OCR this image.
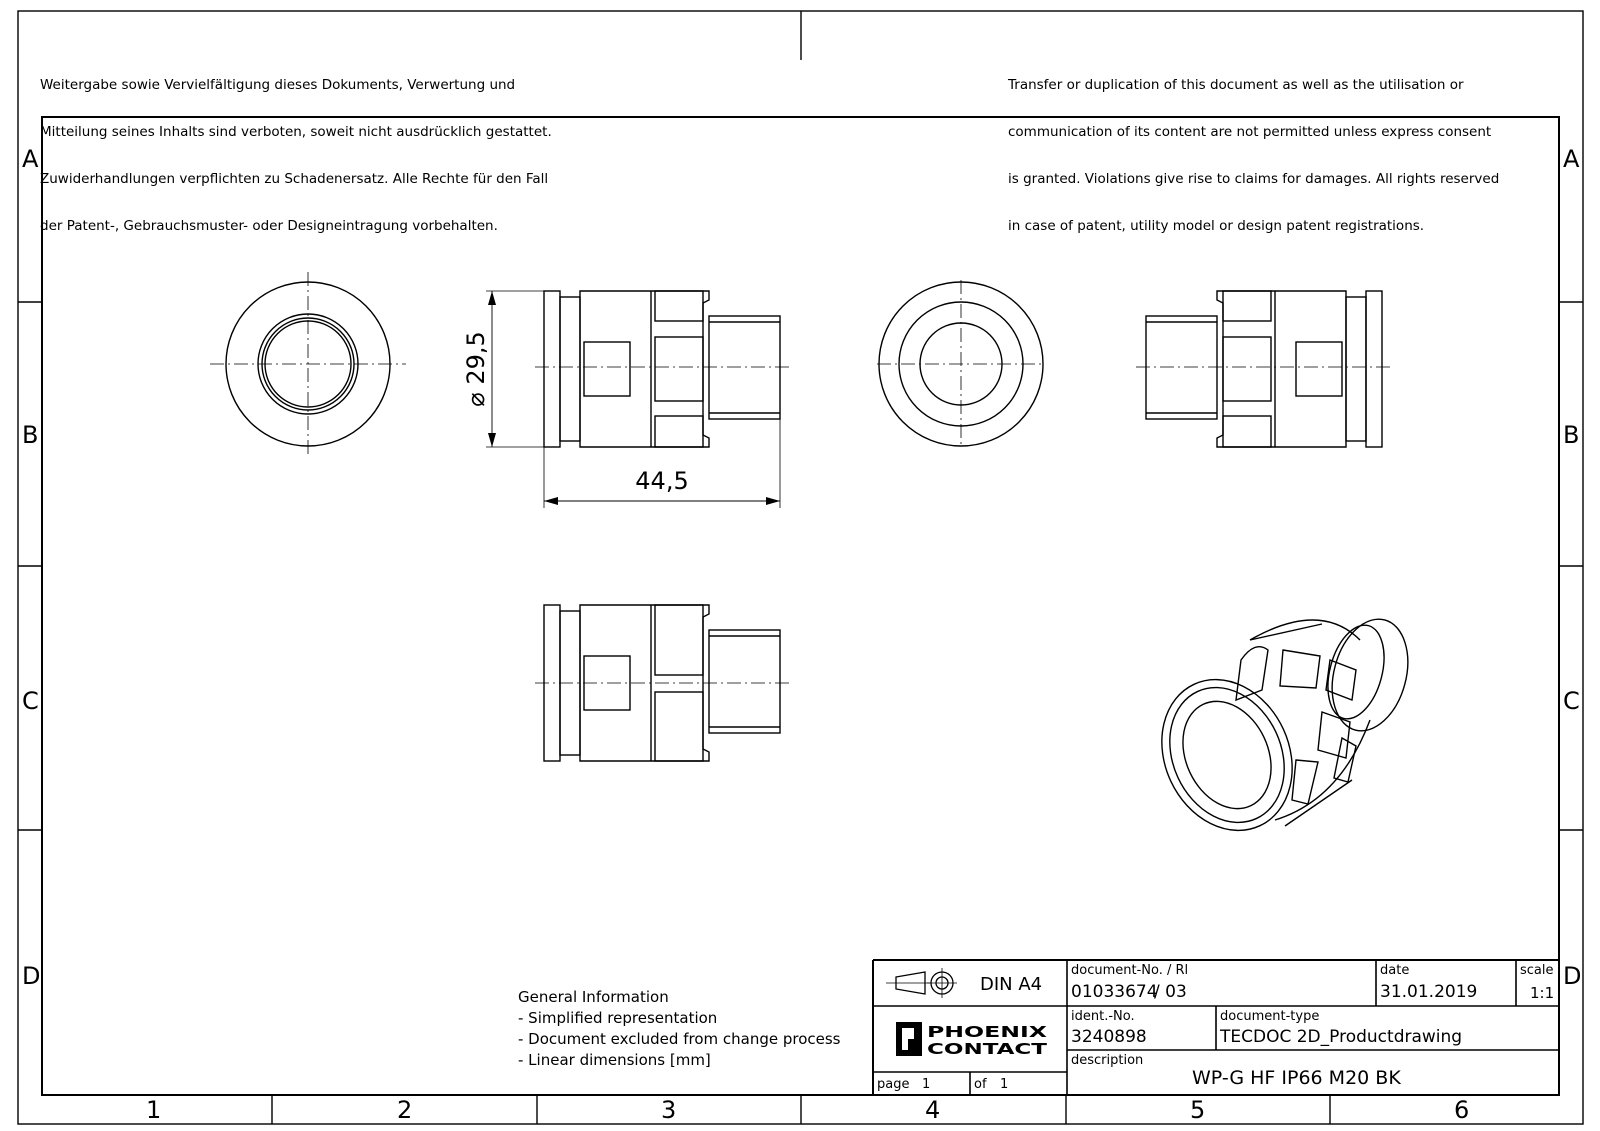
A
B
C
D
A
B
C
D
1	2	3	4	5	6
⌀ 29,5
44,5
PHOENIX
CONTACT

Weitergabe sowie Vervielfältigung dieses Dokuments, Verwertung und

Mitteilung seines Inhalts sind verboten, soweit nicht ausdrücklich gestattet.

Zuwiderhandlungen verpflichten zu Schadenersatz. Alle Rechte für den Fall

der Patent-, Gebrauchsmuster- oder Designeintragung vorbehalten.

Transfer or duplication of this document as well as the utilisation or

communication of its content are not permitted unless express consent

is granted. Violations give rise to claims for damages. All rights reserved

in case of patent, utility model or design patent registrations.

General Information
- Simplified representation
- Document excluded from change process
- Linear dimensions [mm]
DIN A4
document-No. / Rl
01033674
/ 03
date
31.01.2019
scale
1:1
ident.-No.
3240898
document-type
TECDOC 2D_Productdrawing
description
WP-G HF IP66 M20 BK
page 1	of 1
